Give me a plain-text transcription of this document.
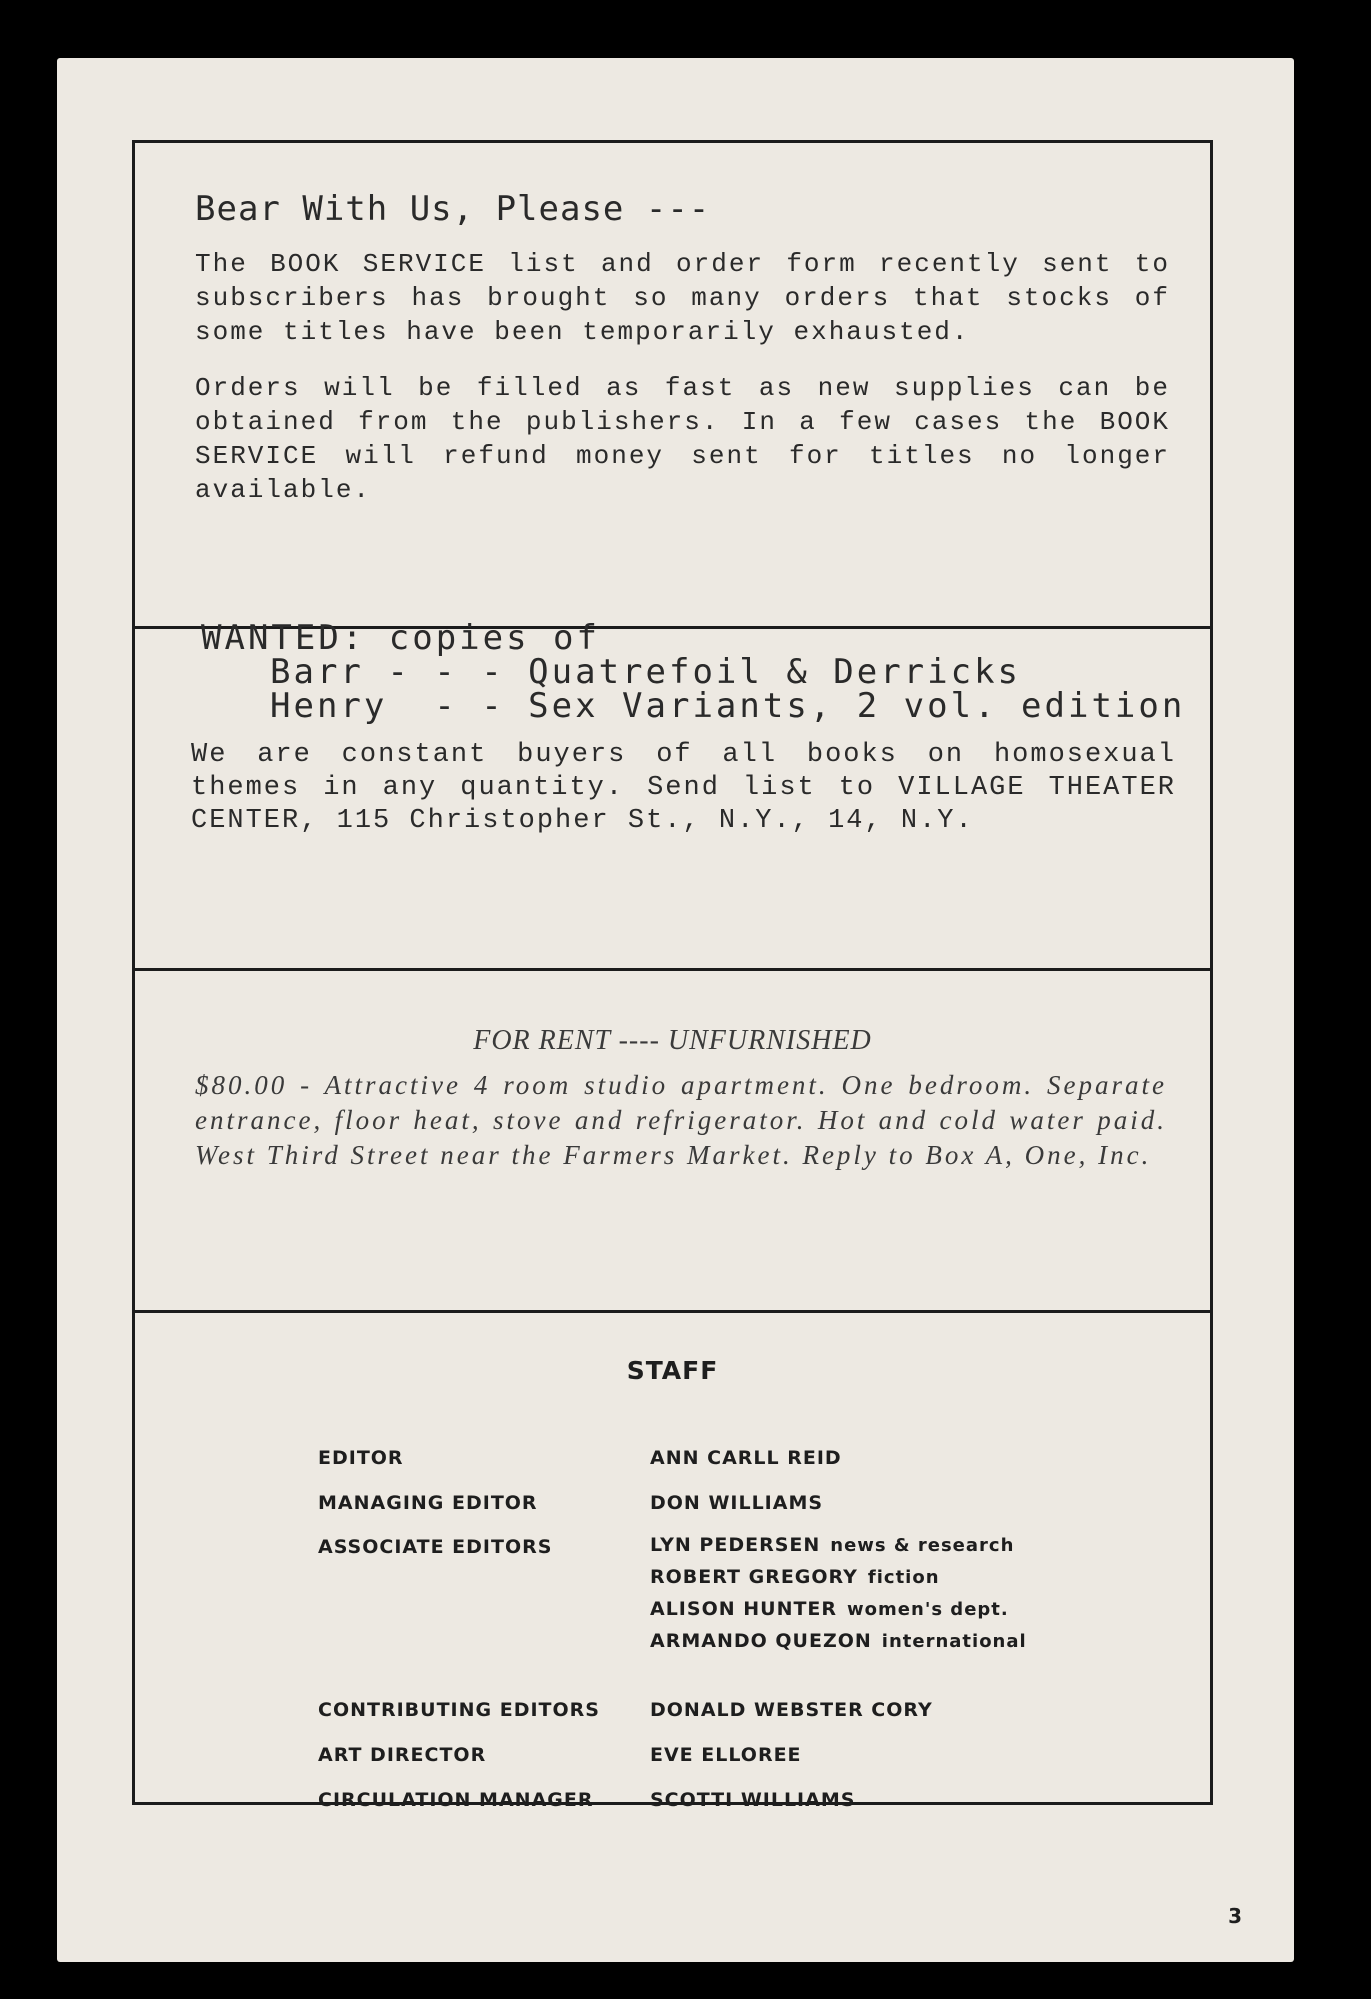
Bear With Us, Please ---
The BOOK SERVICE list and order form recently sent to subscribers has brought so many orders that stocks of some titles have been temporarily exhausted.
Orders will be filled as fast as new supplies can be obtained from the publishers. In a few cases the BOOK SERVICE will refund money sent for titles no longer available.
WANTED: copies of
Barr - - - Quatrefoil & Derricks
Henry  - - Sex Variants, 2 vol. edition
We are constant buyers of all books on homosexual themes in any quantity. Send list to VILLAGE THEATER CENTER, 115 Christopher St., N.Y., 14, N.Y.
FOR RENT ---- UNFURNISHED
$80.00 - Attractive 4 room studio apartment. One bedroom. Separate entrance, floor heat, stove and refrigerator. Hot and cold water paid. West Third Street near the Farmers Market. Reply to Box A, One, Inc.
STAFF
EDITOR	ANN CARLL REID
MANAGING EDITOR	DON WILLIAMS
ASSOCIATE EDITORS	LYN PEDERSEN news & research
ROBERT GREGORY fiction
ALISON HUNTER women's dept.
ARMANDO QUEZON international
CONTRIBUTING EDITORS	DONALD WEBSTER CORY
ART DIRECTOR	EVE ELLOREE
CIRCULATION MANAGER	SCOTTI WILLIAMS
3
